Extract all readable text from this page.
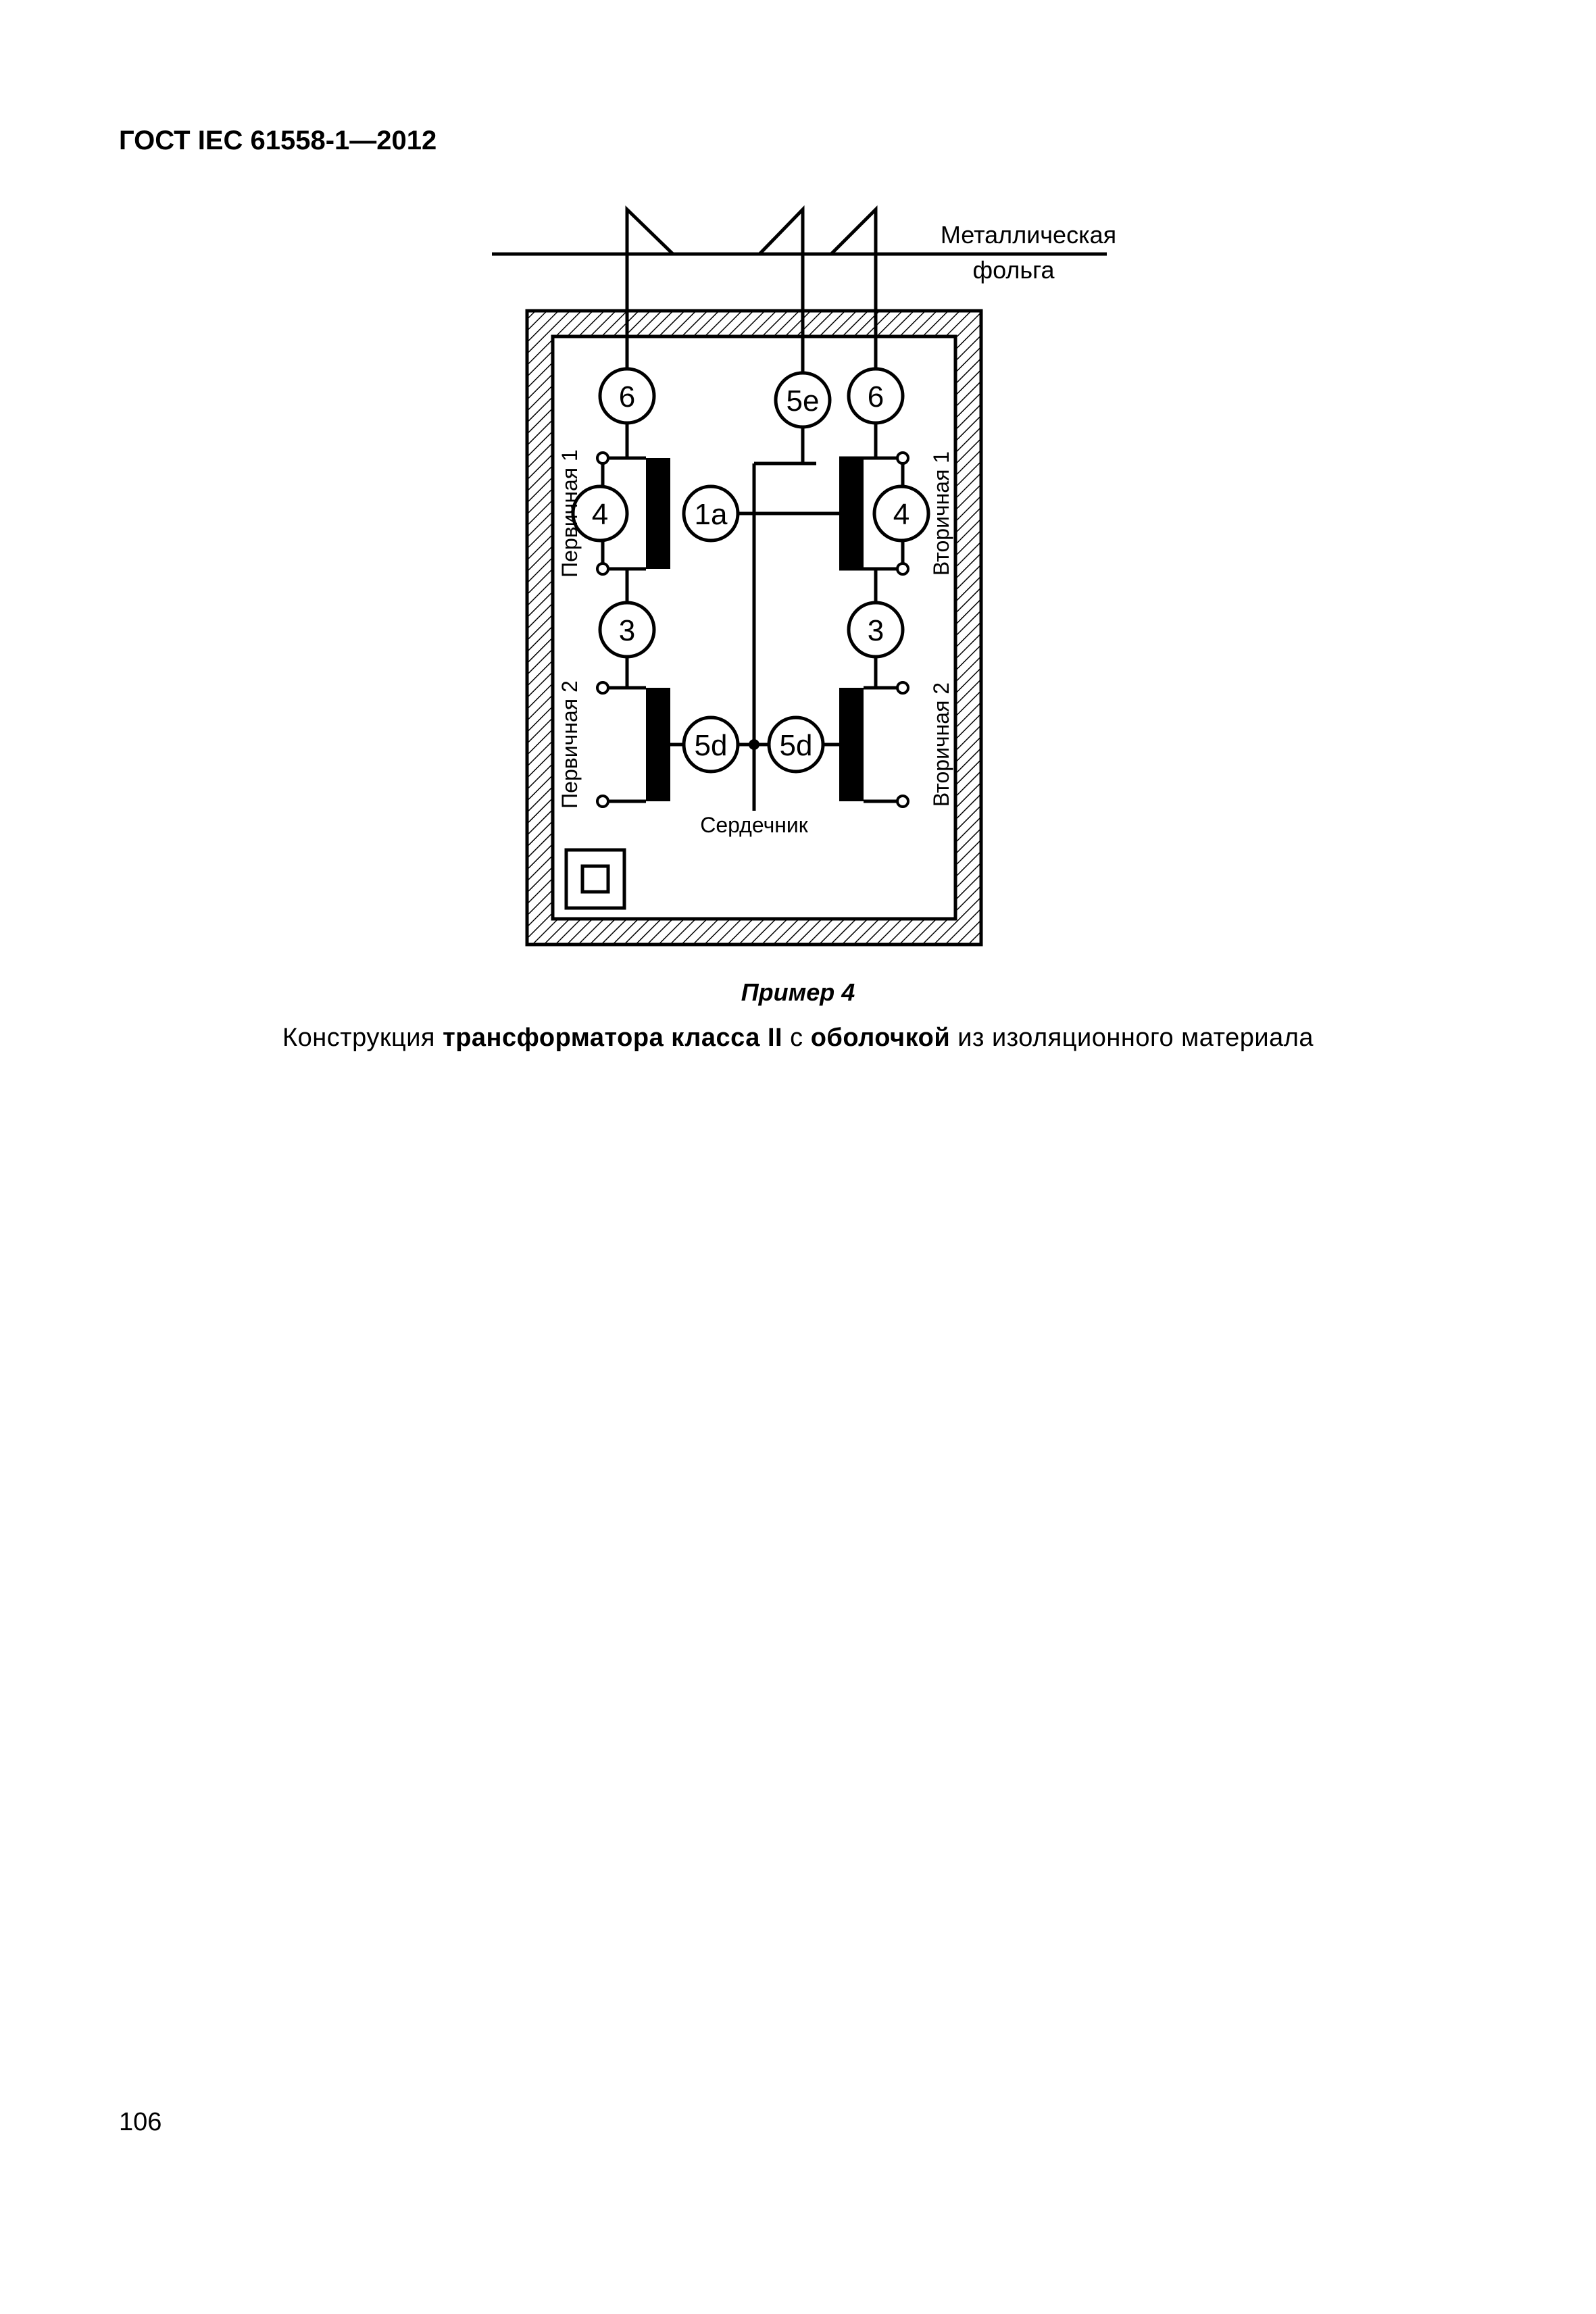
ГОСТ IEC 61558-1—2012
Металлическая
фольга
6	5e 6
4	1a	4
3	3
5d 5d
Сердечник
Первичная 1
Первичная 2
Вторичная 1
Вторичная 2
Пример 4
Конструкция трансформатора класса II с оболочкой из изоляционного материала
106
